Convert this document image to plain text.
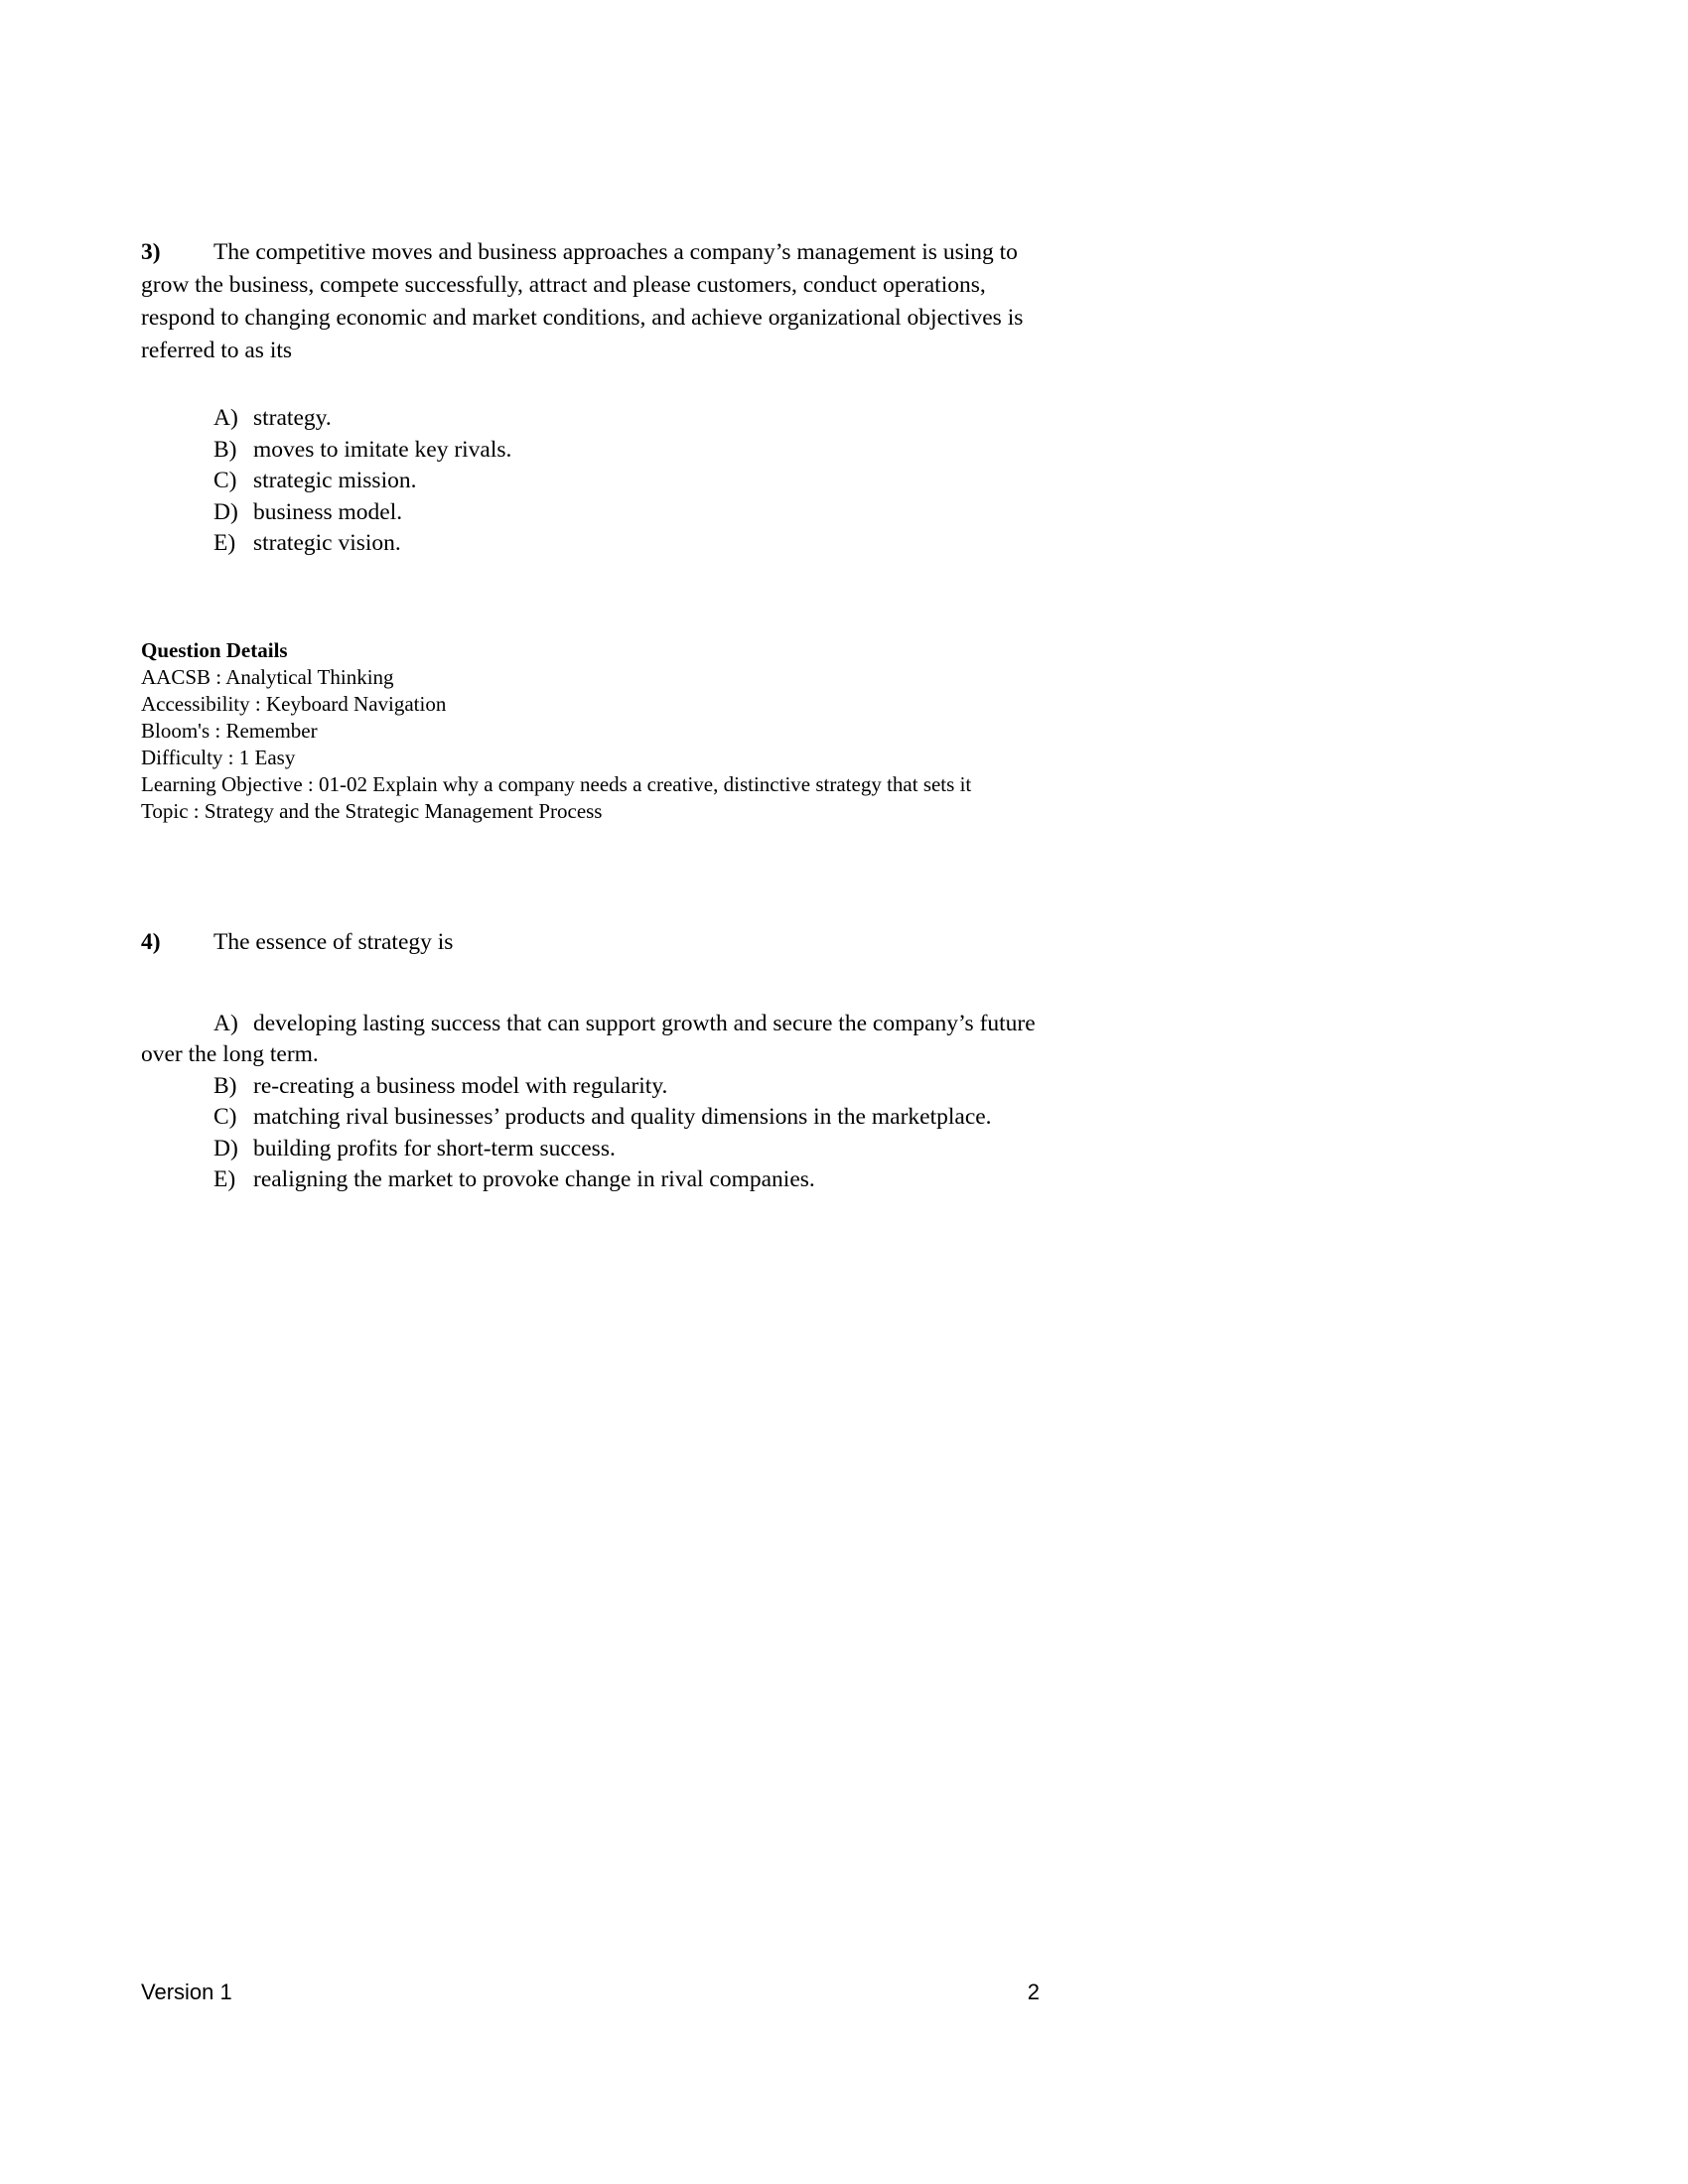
3) The competitive moves and business approaches a company’s management is using to grow the business, compete successfully, attract and please customers, conduct operations, respond to changing economic and market conditions, and achieve organizational objectives is referred to as its

A) strategy.

B) moves to imitate key rivals.

C) strategic mission.

D) business model.

E) strategic vision.

Question Details
AACSB : Analytical Thinking
Accessibility : Keyboard Navigation
Bloom's : Remember
Difficulty : 1 Easy
Learning Objective : 01-02 Explain why a company needs a creative, distinctive strategy that sets it
Topic : Strategy and the Strategic Management Process

4) The essence of strategy is

A) developing lasting success that can support growth and secure the company’s future over the long term.

B) re-creating a business model with regularity.

C) matching rival businesses’ products and quality dimensions in the marketplace.

D) building profits for short-term success.

E) realigning the market to provoke change in rival companies.

Version 1	2
